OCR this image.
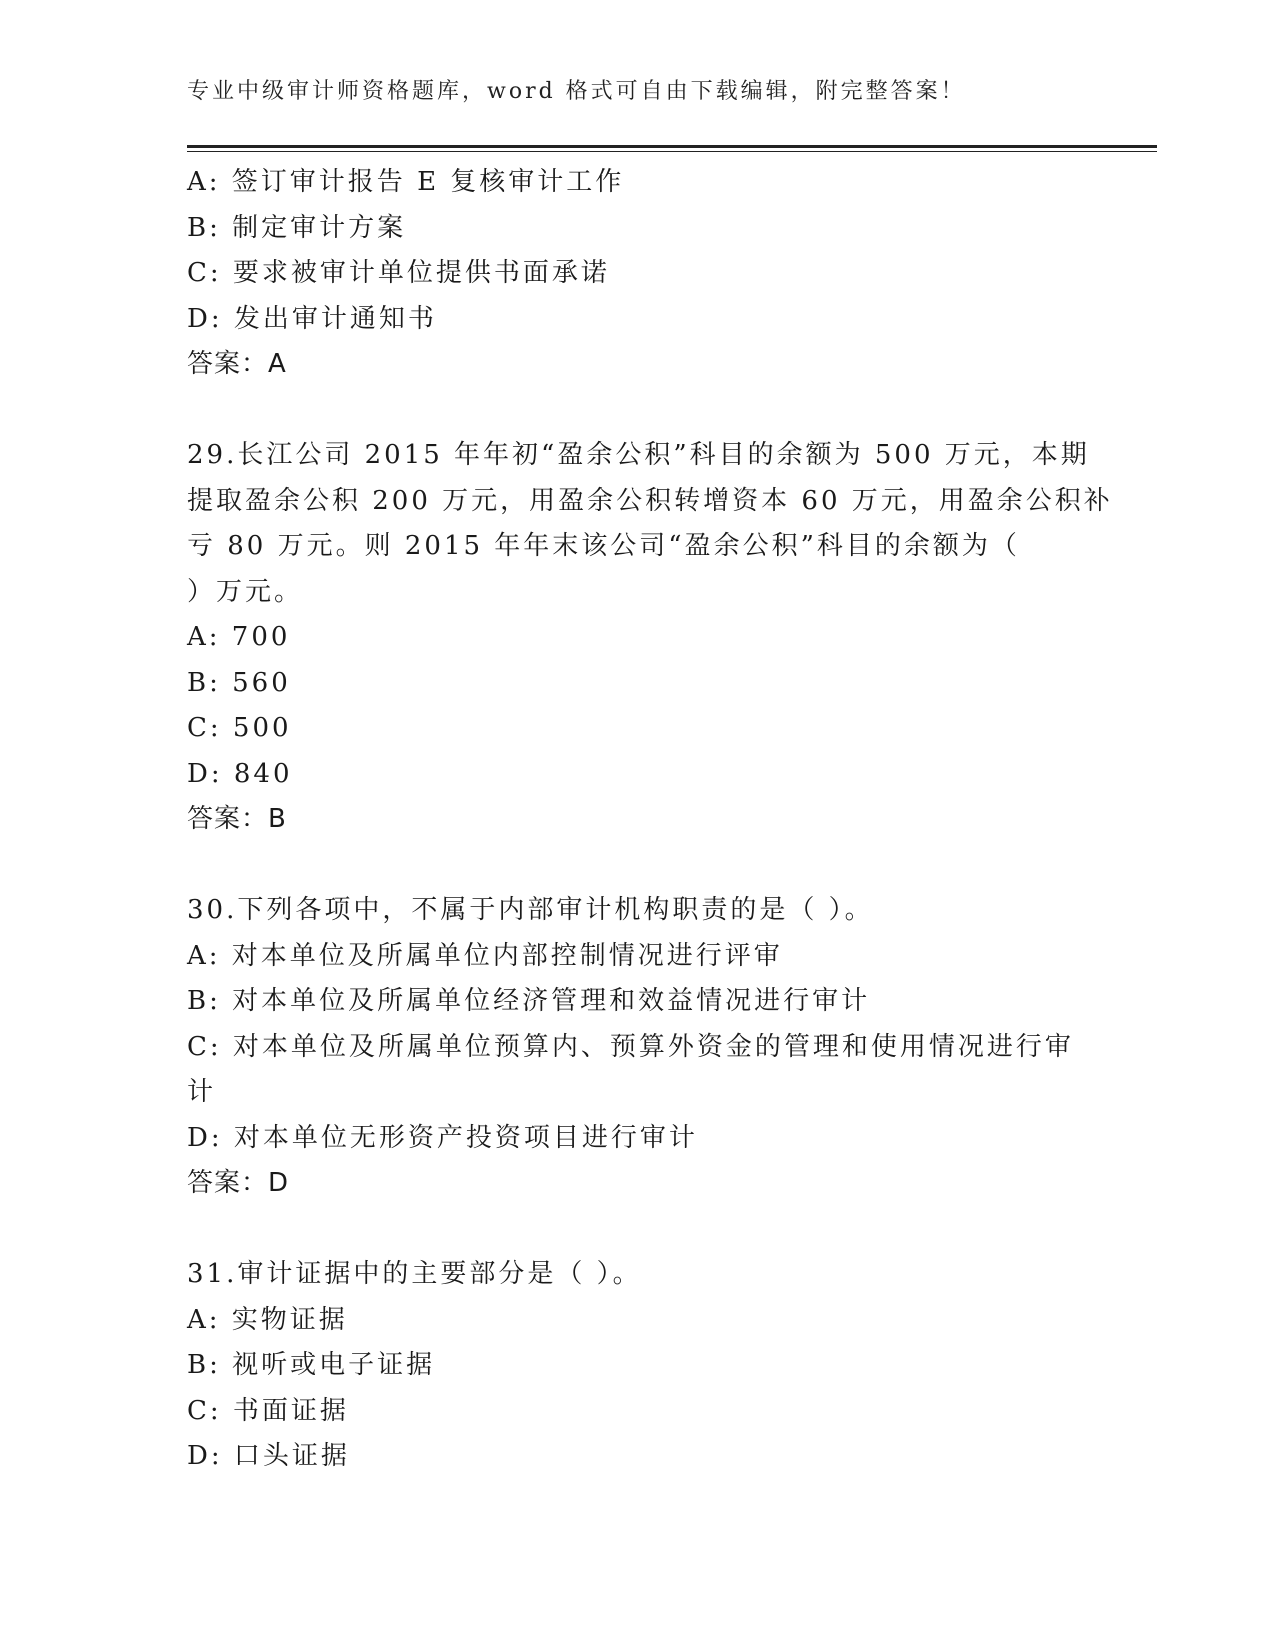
专业中级审计师资格题库，word 格式可自由下载编辑，附完整答案！
A: 签订审计报告 E 复核审计工作
B: 制定审计方案
C: 要求被审计单位提供书面承诺
D: 发出审计通知书
答案：A
29.长江公司 2015 年年初“盈余公积”科目的余额为 500 万元，本期
提取盈余公积 200 万元，用盈余公积转增资本 60 万元，用盈余公积补
亏 80 万元。则 2015 年年末该公司“盈余公积”科目的余额为（
）万元。
A: 700
B: 560
C: 500
D: 840
答案：B
30.下列各项中，不属于内部审计机构职责的是（ ）。
A: 对本单位及所属单位内部控制情况进行评审
B: 对本单位及所属单位经济管理和效益情况进行审计
C: 对本单位及所属单位预算内、预算外资金的管理和使用情况进行审
计
D: 对本单位无形资产投资项目进行审计
答案：D
31.审计证据中的主要部分是（ ）。
A: 实物证据
B: 视听或电子证据
C: 书面证据
D: 口头证据
